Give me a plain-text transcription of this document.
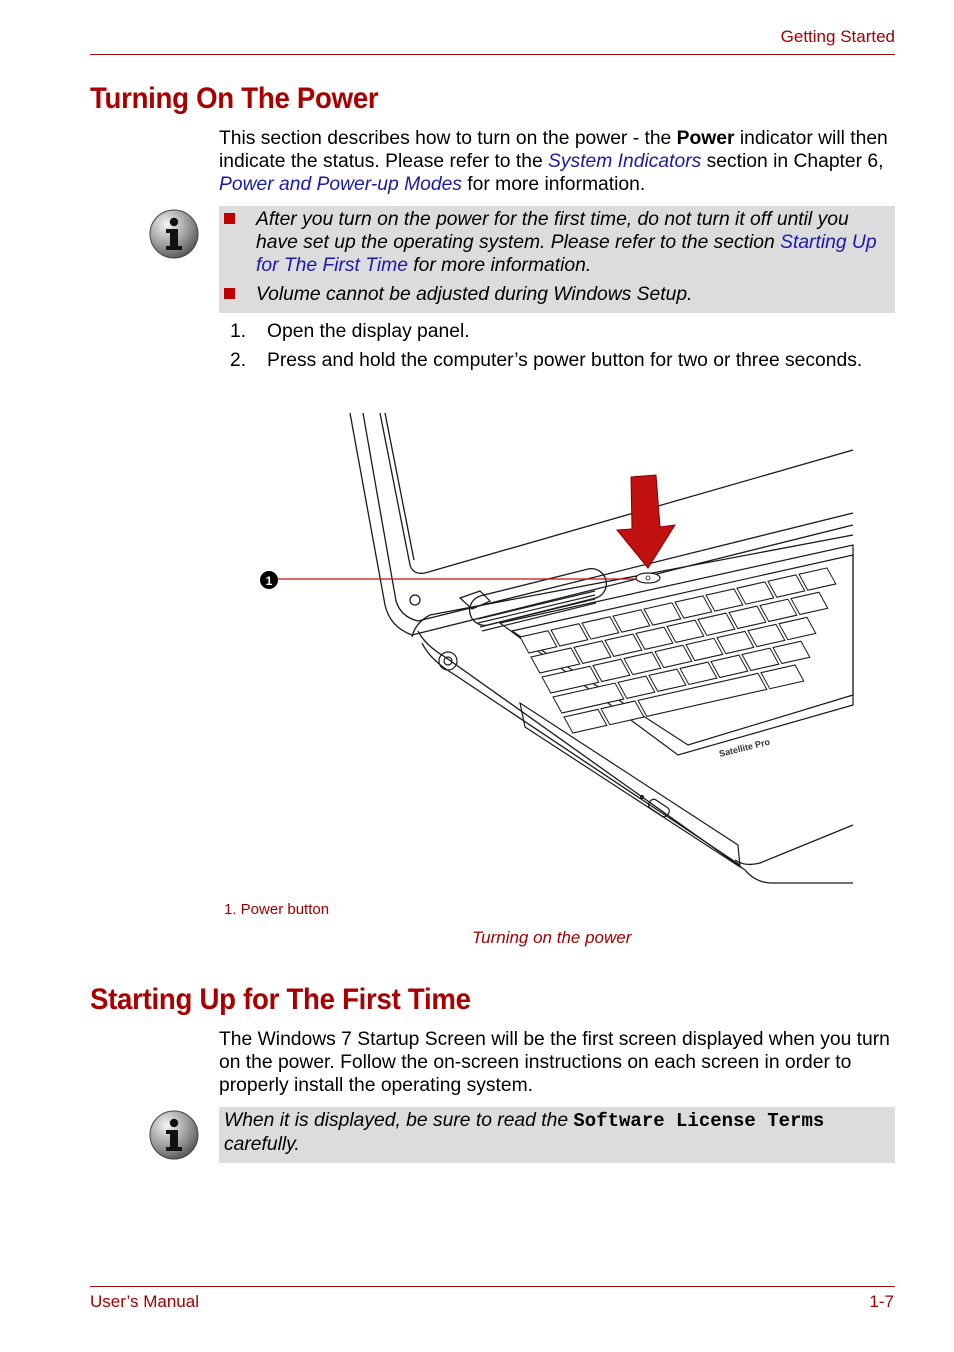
Getting Started
Turning On The Power
This section describes how to turn on the power - the Power indicator will then indicate the status. Please refer to the System Indicators section in Chapter 6, Power and Power-up Modes for more information.
After you turn on the power for the first time, do not turn it off until you have set up the operating system. Please refer to the section Starting Up for The First Time for more information.
Volume cannot be adjusted during Windows Setup.
1. Open the display panel.
2. Press and hold the computer’s power button for two or three seconds.
Satellite Pro
1
1. Power button
Turning on the power
Starting Up for The First Time
The Windows 7 Startup Screen will be the first screen displayed when you turn on the power. Follow the on-screen instructions on each screen in order to properly install the operating system.
When it is displayed, be sure to read the Software License Terms carefully.
User’s Manual	1-7
